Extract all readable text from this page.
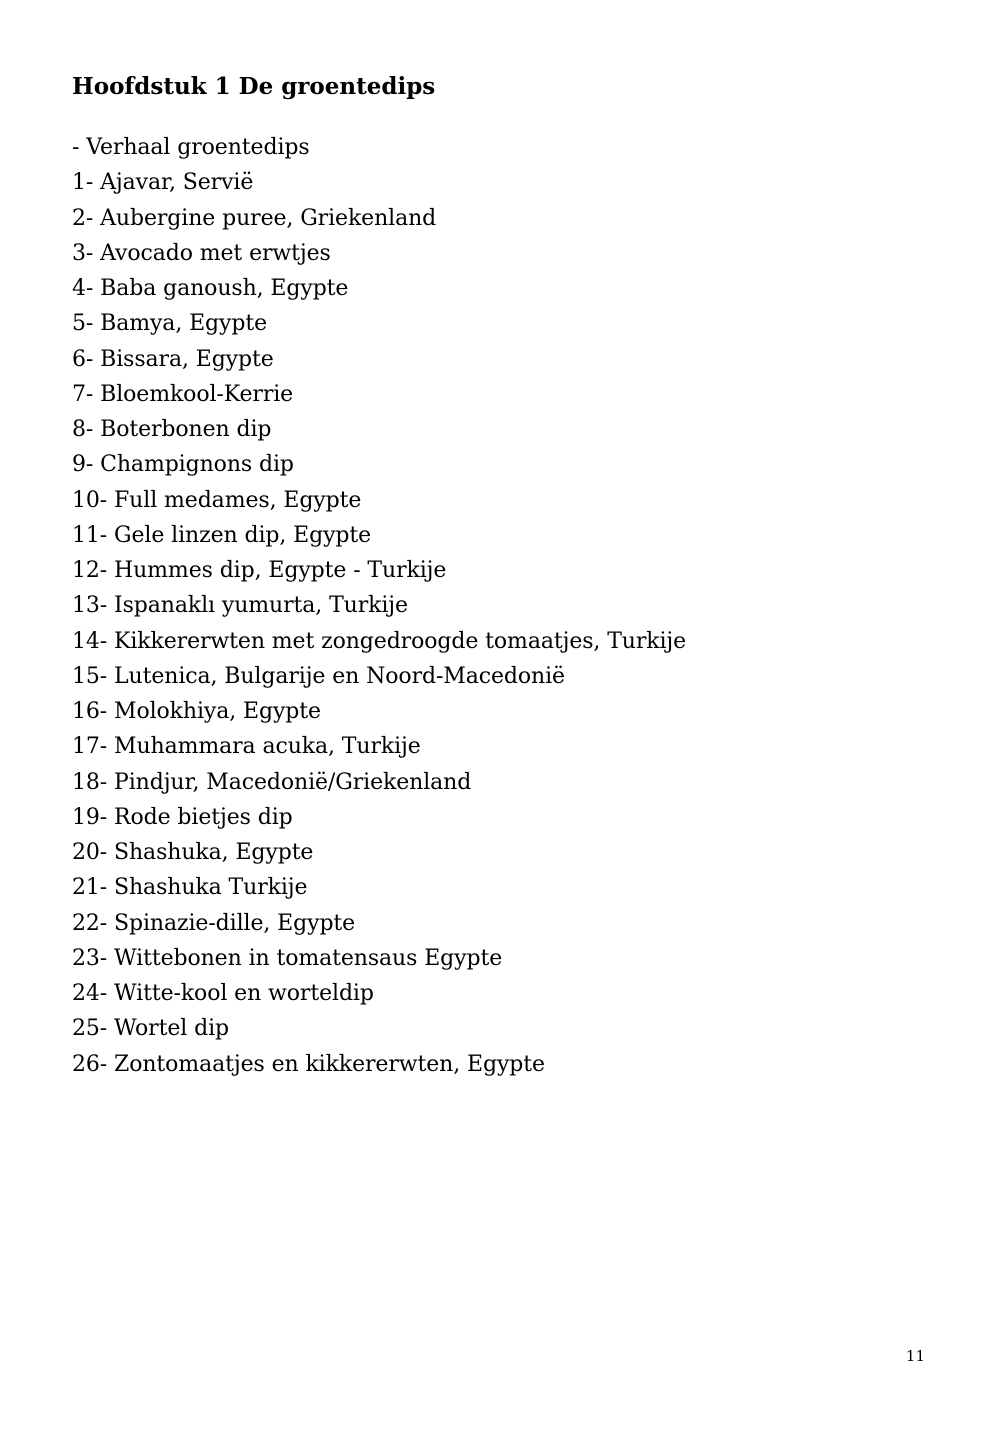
Hoofdstuk 1 De groentedips
- Verhaal groentedips
1- Ajavar, Servië
2- Aubergine puree, Griekenland
3- Avocado met erwtjes
4- Baba ganoush, Egypte
5- Bamya, Egypte
6- Bissara, Egypte
7- Bloemkool-Kerrie
8- Boterbonen dip
9- Champignons dip
10- Full medames, Egypte
11- Gele linzen dip, Egypte
12- Hummes dip, Egypte - Turkije
13- Ispanaklı yumurta, Turkije
14- Kikkererwten met zongedroogde tomaatjes, Turkije
15- Lutenica, Bulgarije en Noord-Macedonië
16- Molokhiya, Egypte
17- Muhammara acuka, Turkije
18- Pindjur, Macedonië/Griekenland
19- Rode bietjes dip
20- Shashuka, Egypte
21- Shashuka Turkije
22- Spinazie-dille, Egypte
23- Wittebonen in tomatensaus Egypte
24- Witte-kool en worteldip
25- Wortel dip
26- Zontomaatjes en kikkererwten, Egypte
11
